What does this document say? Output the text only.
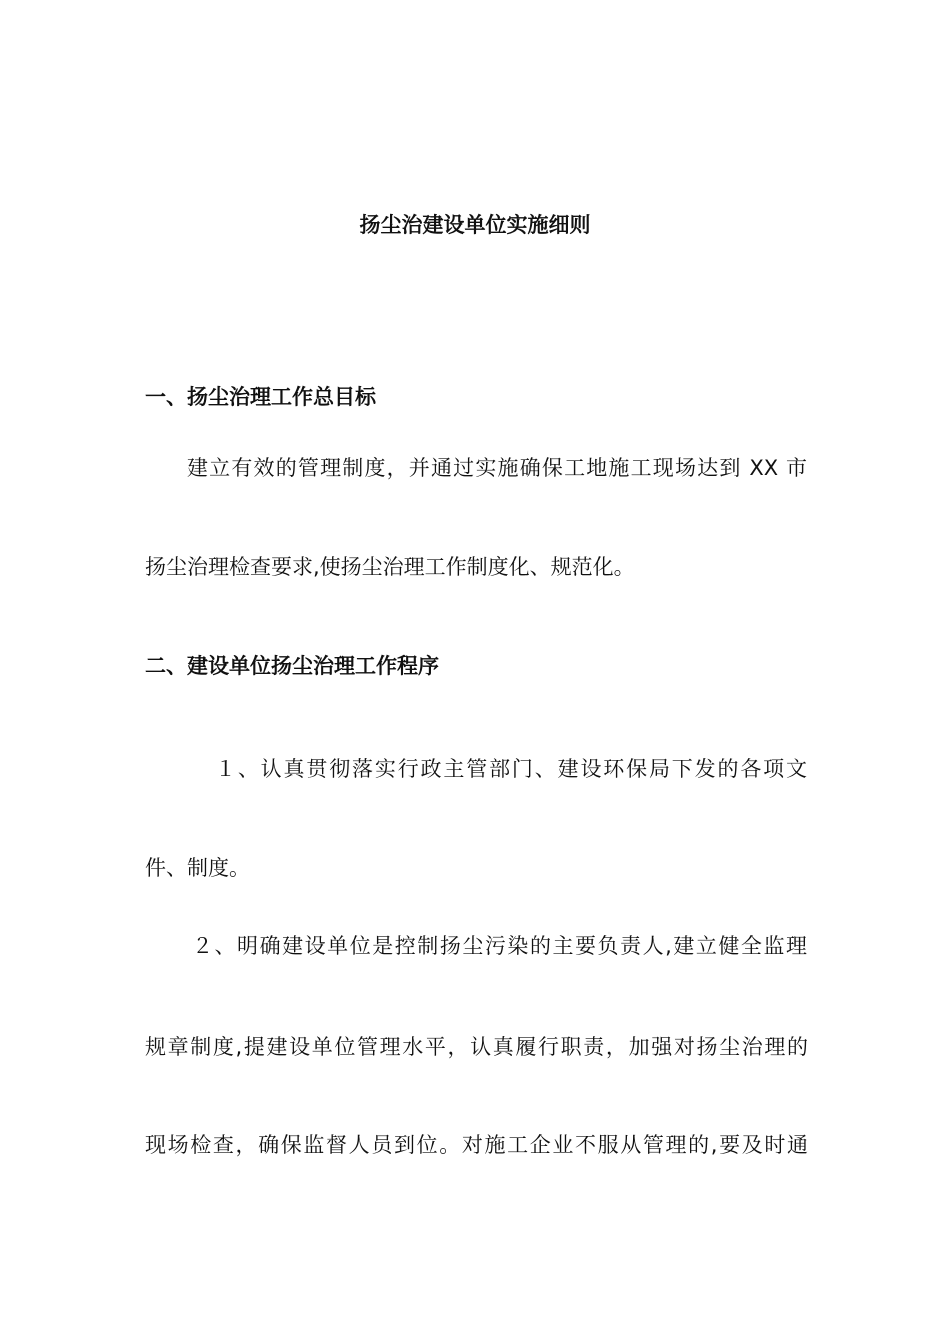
扬尘治建设单位实施细则
一、扬尘治理工作总目标
建立有效的管理制度，并通过实施确保工地施工现场达到 XX 市
扬尘治理检查要求,使扬尘治理工作制度化、规范化。
二、建设单位扬尘治理工作程序
１、认真贯彻落实行政主管部门、建设环保局下发的各项文
件、制度。
２、明确建设单位是控制扬尘污染的主要负责人,建立健全监理
规章制度,提建设单位管理水平，认真履行职责，加强对扬尘治理的
现场检查，确保监督人员到位。对施工企业不服从管理的,要及时通
